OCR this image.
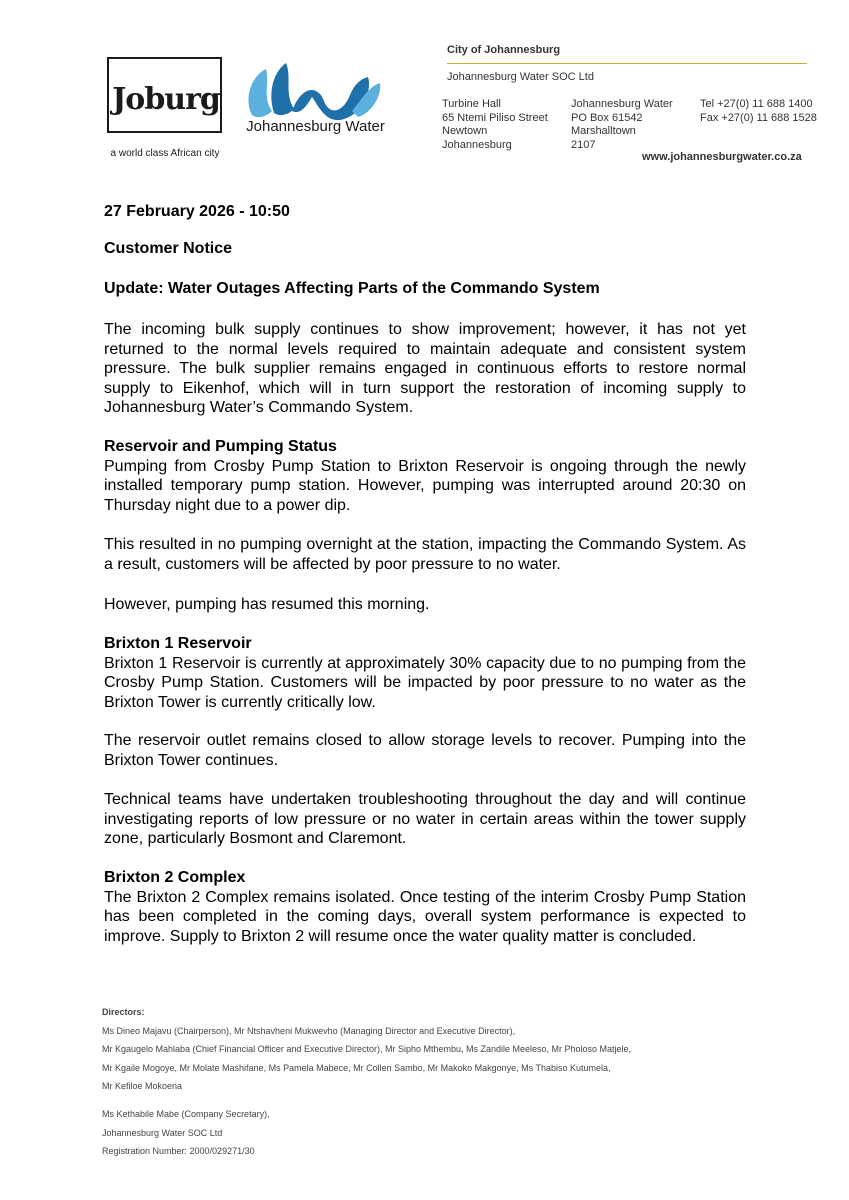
Joburg
a world class African city
Johannesburg Water
City of Johannesburg
Johannesburg Water SOC Ltd
Turbine Hall
65 Ntemi Piliso Street
Newtown
Johannesburg
Johannesburg Water
PO Box 61542
Marshalltown
2107
Tel +27(0) 11 688 1400
Fax +27(0) 11 688 1528
www.johannesburgwater.co.za
27 February 2026 - 10:50
Customer Notice
Update: Water Outages Affecting Parts of the Commando System
The incoming bulk supply continues to show improvement; however, it has not yet returned to the normal levels required to maintain adequate and consistent system pressure. The bulk supplier remains engaged in continuous efforts to restore normal supply to Eikenhof, which will in turn support the restoration of incoming supply to Johannesburg Water’s Commando System.
Reservoir and Pumping Status
Pumping from Crosby Pump Station to Brixton Reservoir is ongoing through the newly installed temporary pump station. However, pumping was interrupted around 20:30 on Thursday night due to a power dip.
This resulted in no pumping overnight at the station, impacting the Commando System. As a result, customers will be affected by poor pressure to no water.
However, pumping has resumed this morning.
Brixton 1 Reservoir
Brixton 1 Reservoir is currently at approximately 30% capacity due to no pumping from the Crosby Pump Station. Customers will be impacted by poor pressure to no water as the Brixton Tower is currently critically low.
The reservoir outlet remains closed to allow storage levels to recover. Pumping into the Brixton Tower continues.
Technical teams have undertaken troubleshooting throughout the day and will continue investigating reports of low pressure or no water in certain areas within the tower supply zone, particularly Bosmont and Claremont.
Brixton 2 Complex
The Brixton 2 Complex remains isolated. Once testing of the interim Crosby Pump Station has been completed in the coming days, overall system performance is expected to improve. Supply to Brixton 2 will resume once the water quality matter is concluded.
Directors:
Ms Dineo Majavu (Chairperson), Mr Ntshavheni Mukwevho (Managing Director and Executive Director),
Mr Kgaugelo Mahlaba (Chief Financial Officer and Executive Director), Mr Sipho Mthembu, Ms Zandile Meeleso, Mr Pholoso Matjele,
Mr Kgaile Mogoye, Mr Molate Mashifane, Ms Pamela Mabece, Mr Collen Sambo, Mr Makoko Makgonye, Ms Thabiso Kutumela,
Mr Kefiloe Mokoena
Ms Kethabile Mabe (Company Secretary),
Johannesburg Water SOC Ltd
Registration Number: 2000/029271/30
